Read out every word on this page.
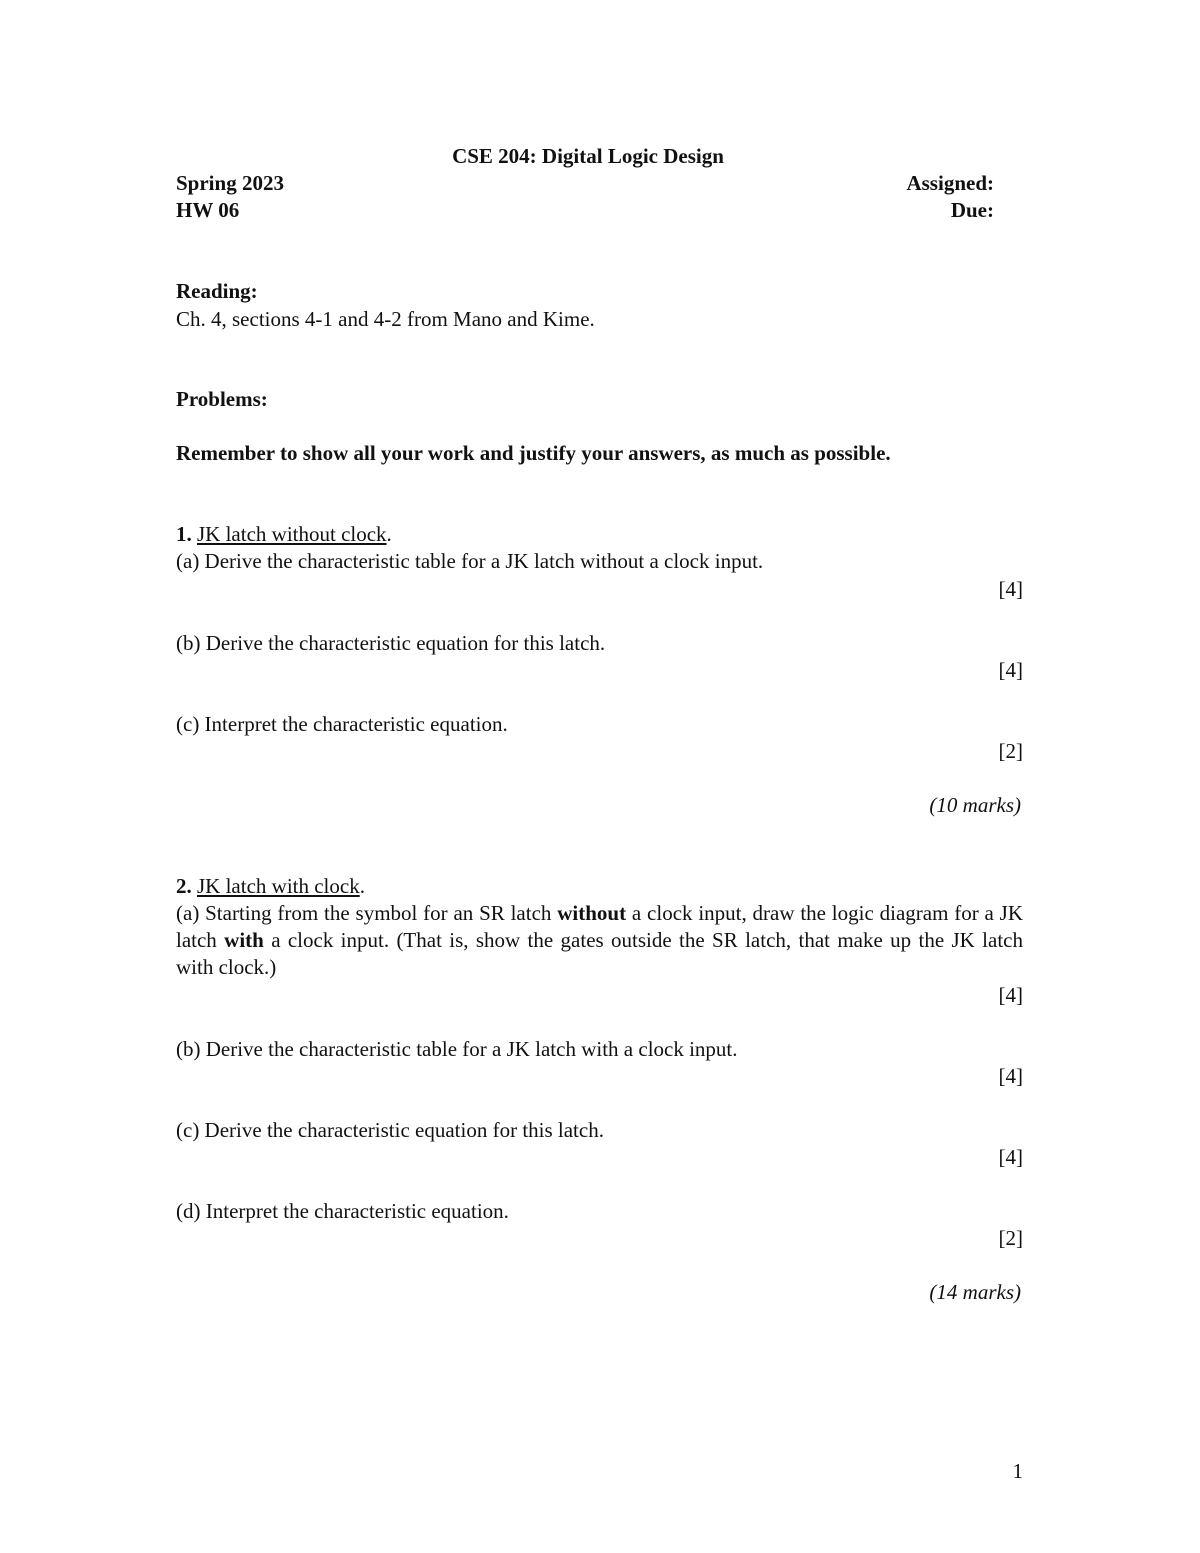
CSE 204: Digital Logic Design
Spring 2023	Assigned:
HW 06	Due:
Reading:
Ch. 4, sections 4-1 and 4-2 from Mano and Kime.
Problems:
Remember to show all your work and justify your answers, as much as possible.
1. JK latch without clock.
(a) Derive the characteristic table for a JK latch without a clock input.
[4]
(b) Derive the characteristic equation for this latch.
[4]
(c) Interpret the characteristic equation.
[2]
(10 marks)
2. JK latch with clock.
(a) Starting from the symbol for an SR latch without a clock input, draw the logic diagram for a JK latch with a clock input. (That is, show the gates outside the SR latch, that make up the JK latch with clock.)
[4]
(b) Derive the characteristic table for a JK latch with a clock input.
[4]
(c) Derive the characteristic equation for this latch.
[4]
(d) Interpret the characteristic equation.
[2]
(14 marks)
1
